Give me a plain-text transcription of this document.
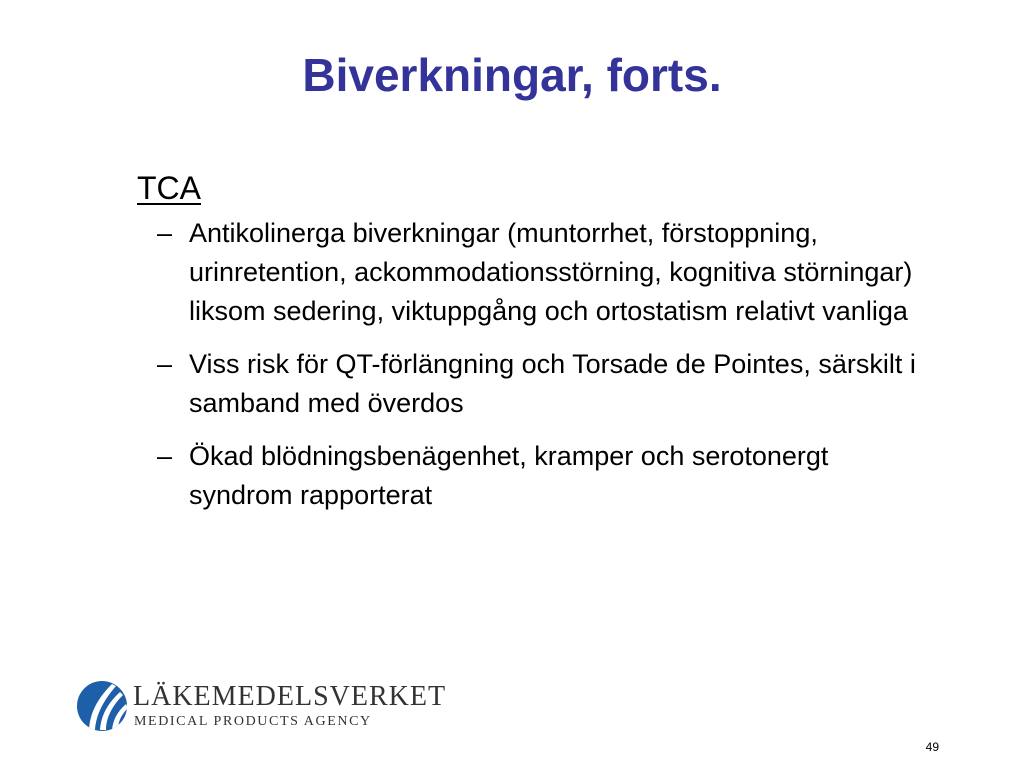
Biverkningar, forts.
TCA
– Antikolinerga biverkningar (muntorrhet, förstoppning, urinretention, ackommodationsstörning, kognitiva störningar) liksom sedering, viktuppgång och ortostatism relativt vanliga
– Viss risk för QT-förlängning och Torsade de Pointes, särskilt i samband med överdos
– Ökad blödningsbenägenhet, kramper och serotonergt syndrom rapporterat
LÄKEMEDELSVERKET
MEDICAL PRODUCTS AGENCY
49
